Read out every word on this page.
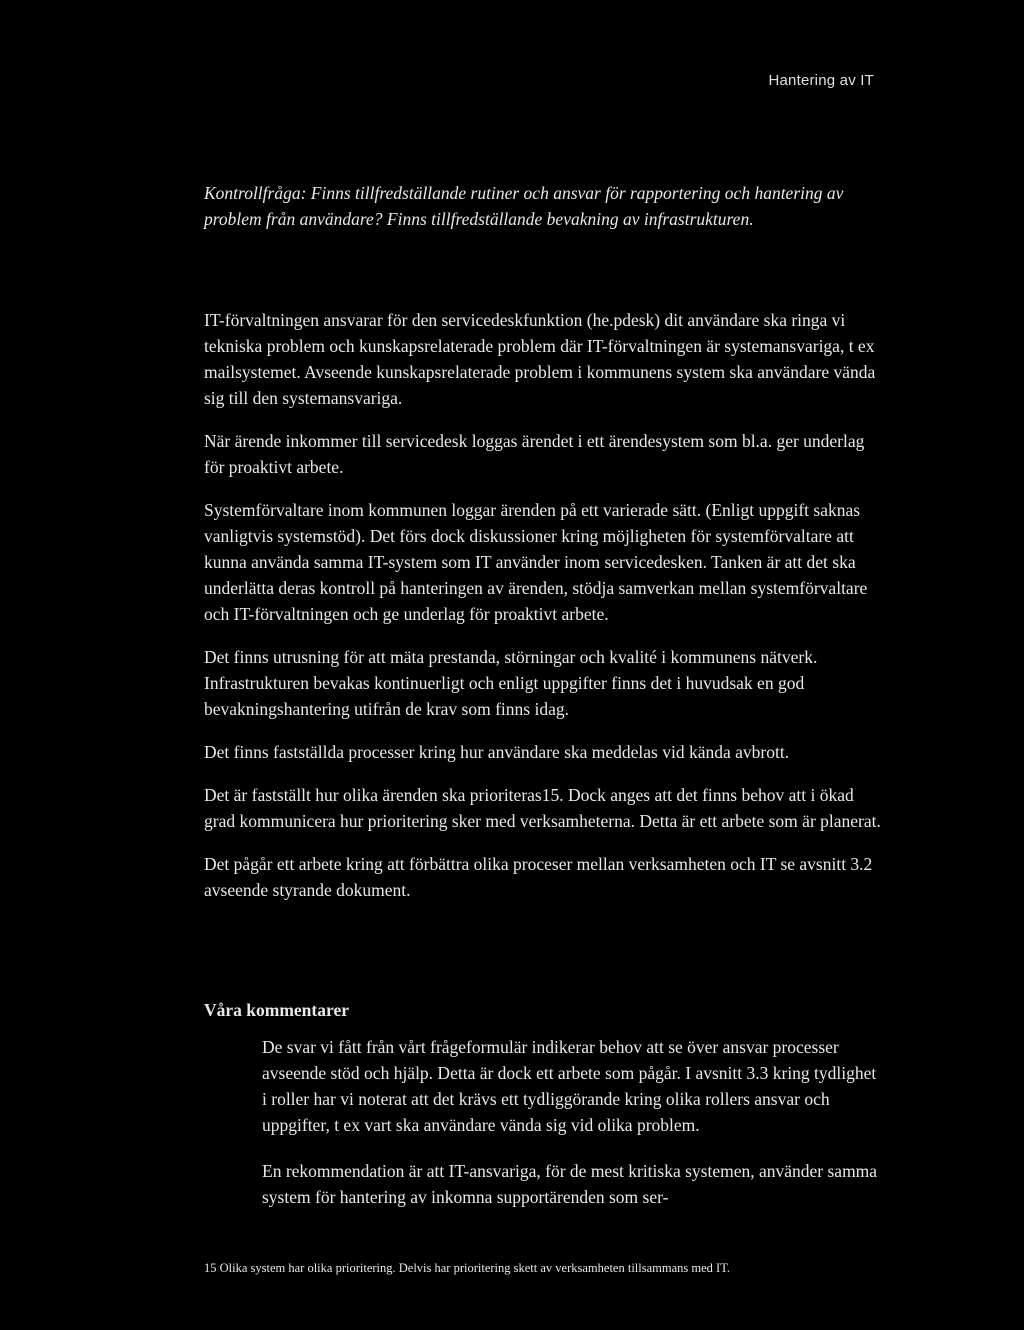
Hantering av IT
Kontrollfråga: Finns tillfredställande rutiner och ansvar för rapportering och hantering av problem från användare? Finns tillfredställande bevakning av infrastrukturen.

IT-förvaltningen ansvarar för den servicedeskfunktion (he.pdesk) dit användare ska ringa vi tekniska problem och kunskapsrelaterade problem där IT-förvaltningen är systemansvariga, t ex mailsystemet. Avseende kunskapsrelaterade problem i kommunens system ska användare vända sig till den systemansvariga.

När ärende inkommer till servicedesk loggas ärendet i ett ärendesystem som bl.a. ger underlag för proaktivt arbete.

Systemförvaltare inom kommunen loggar ärenden på ett varierade sätt. (Enligt uppgift saknas vanligtvis systemstöd). Det förs dock diskussioner kring möjligheten för systemförvaltare att kunna använda samma IT-system som IT använder inom servicedesken. Tanken är att det ska underlätta deras kontroll på hanteringen av ärenden, stödja samverkan mellan systemförvaltare och IT-förvaltningen och ge underlag för proaktivt arbete.

Det finns utrusning för att mäta prestanda, störningar och kvalité i kommunens nätverk. Infrastrukturen bevakas kontinuerligt och enligt uppgifter finns det i huvudsak en god bevakningshantering utifrån de krav som finns idag.

Det finns fastställda processer kring hur användare ska meddelas vid kända avbrott.

Det är fastställt hur olika ärenden ska prioriteras15. Dock anges att det finns behov att i ökad grad kommunicera hur prioritering sker med verksamheterna. Detta är ett arbete som är planerat.

Det pågår ett arbete kring att förbättra olika proceser mellan verksamheten och IT se avsnitt 3.2 avseende styrande dokument.

Våra kommentarer

De svar vi fått från vårt frågeformulär indikerar behov att se över ansvar processer avseende stöd och hjälp. Detta är dock ett arbete som pågår. I avsnitt 3.3 kring tydlighet i roller har vi noterat att det krävs ett tydliggörande kring olika rollers ansvar och uppgifter, t ex vart ska användare vända sig vid olika problem.

En rekommendation är att IT-ansvariga, för de mest kritiska systemen, använder samma system för hantering av inkomna supportärenden som ser-

15 Olika system har olika prioritering. Delvis har prioritering skett av verksamheten tillsammans med IT.
